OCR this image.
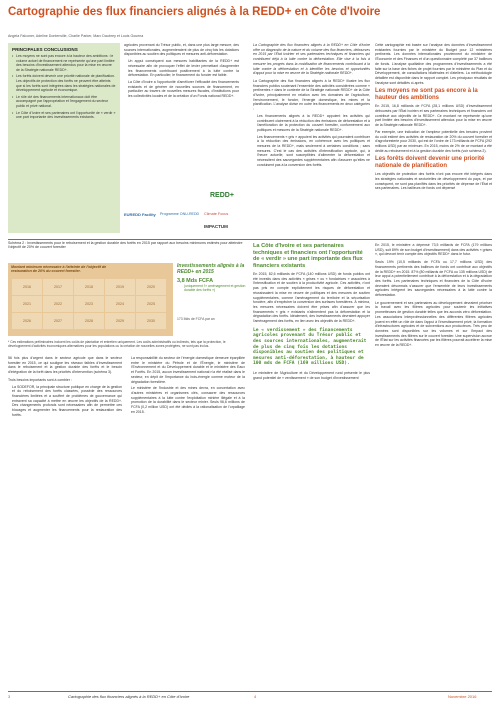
Cartographie des flux financiers alignés à la REDD+ en Côte d'Ivoire
Angela Falconer, Adeline Dontenville, Charlie Parker, Marc Daubrey et Louis Gouena
PRINCIPALES CONCLUSIONS
• Les moyens ne sont pas encore à la hauteur des ambitions : le volume actuel de financement ne représente qu'une part limitée des besoins d'investissement attendus pour la mise en œuvre de la Stratégie nationale REDD+.
• Les forêts doivent devenir une priorité nationale de planification. Les objectifs de protection des forêts ne peuvent être atteints que si les forêts sont intégrées dans les stratégies nationales de développement agricole et économique.
• Le rôle clé des financements internationaux doit être accompagné par l'appropriation et l'engagement du secteur public et privé national.
• Le Côte d'Ivoire et ses partenaires ont l'opportunité de « verdir » une part importante des investissements existants.
agricoles provenant du Trésor public, et, dans une plus large mesure, des sources internationales, augmenteraient de plus de cinq fois les dotations disponibles au soutien des politiques et mesures anti-déforestation.
Un appui conséquent aux mesures habilitantes de la REDD+ est nécessaire afin de provoquer l'effet de levier permettant d'augmenter les financements contribuant positivement à la lutte contre la déforestation. En particulier, le financement du foncier est faible.
La Côte d'Ivoire a l'opportunité d'améliorer l'efficacité des financements existants et de générer de nouvelles sources de financement, en particulier au travers de nouvelles mesures fiscales, d'institutions pour les collectivités locales et de la création d'un Fonds national REDD+.
La Cartographie des flux financiers alignés à la REDD+ en Côte d'Ivoire offre un diagnostic de la nature et du volume des flux financiers, débourses en 2015 par l'État ivoirien et ses partenaires techniques et financiers qui contribuent déjà à la lutte contre la déforestation. Elle vise à la fois à mesurer les progrès dans la mobilisation de financements contribuant à la lutte contre la déforestation et à identifier les besoins et opportunités d'appui pour la mise en œuvre de la Stratégie nationale REDD+.
La Cartographie des flux financiers alignés à la REDD+ illustre les flux financiers publics soutenant l'ensemble des activités considérées comme « pertinentes » dans le contexte de la Stratégie nationale REDD+ de la Côte d'Ivoire, principalement en relation avec les domaines de l'agriculture, l'environnement, le foncier, l'énergie domestique, les mines et la planification. L'analyse divise en outre les financements en deux catégories :
Les financements alignés à la REDD+ appuient les activités qui contribuent clairement à la réduction des émissions de déforestation et à l'amélioration de la protection du couvert forestier, conformément aux politiques et mesures de la Stratégie nationale REDD+.
Les financements « gris » appuient les activités qui pourraient contribuer à la réduction des émissions, en cohérence avec les politiques et mesures de la REDD+, mais seulement à certaines conditions ; sans mesures. C'est le cas des activités d'intensification agricole, qui, à l'heure actuelle, sont susceptibles d'alimenter la déforestation et nécessitent des sauvegardes supplémentaires afin d'assurer qu'elles ne conduisent pas à la conversion des forêts.
Cette cartographie est basée sur l'analyse des données d'investissement existantes fournies par le ministère du Budget pour 12 ministères pertinents. Les données internationales proviennent du ministère de l'Économie et des Finances et d'un questionnaire complété par 37 bailleurs de fonds. L'analyse qualitative des programmes d'investissements a été faite sur la base des fiches de projet fournies par le ministère du Plan et du Développement, de consultations bilatérales et d'ateliers. La méthodologie détaillée est disponible dans le rapport complet. Les principaux résultats de l'analyse sont détaillés ci-après.
Les moyens ne sont pas encore à la hauteur des ambitions
En 2015, 16,8 milliards de FCFA (28,1 millions USD) d'investissement déboursés par l'État ivoirien et ses partenaires techniques et financiers ont contribué aux objectifs de la REDD+. Ce montant ne représente qu'une part limitée des besoins d'investissement attendus pour la mise en œuvre de la Stratégie nationale REDD+.
Par exemple, une indication de l'ampleur potentielle des besoins provient du coût estimé des activités de restauration de 20% du couvert forestier et d'agroforesterie pour 2030, qui est de l'ordre de 173 milliards de FCFA (292 millions USD) par an minimum. En 2015, moins de 2% de ce montant a été dédié au reboisement et à la gestion durable des forêts (voir schéma 2).
Les forêts doivent devenir une priorité nationale de planification
Les objectifs de protection des forêts n'ont pas encore été intégrés dans les stratégies nationales et sectorielles de développement du pays, et par conséquent, ne sont pas planifiés dans les priorités de dépense de l'État et ses partenaires. Les bailleurs de fonds ont dépensé
REDD+
EUREDD Facility Programme ONU-REDD Climate Focus
IMPACTUM
Schéma 2 : Investissements pour le reboisement et la gestion durable des forêts en 2015 par rapport aux besoins minimums estimés pour atteindre l'objectif de 20% de couvert forestier
Montant minimum nécessaire à l'atteinte de l'objectif de restauration de 20% du couvert forestier.
2016	2017	2018	2019	2020
2021	2022	2023	2024	2025
2026	2027	2028	2029	2030
Investissements alignés à la REDD+ en 2015
3,8 Mds FCFA
(uniquement l'« aménagement et gestion durable des forêts »)
173 Mds de FCFA par an
* Ces estimations préliminaires incluent les coûts de plantation et entretien uniquement. Les coûts administratifs ou indirects, tels que la protection, le développement d'activités économiques alternatives pour les populations ou la création de nouvelles zones protégées, ne sont pas inclus.
56 fois plus d'argent dans le secteur agricole que dans le secteur forestier en 2015, ce qui souligne les niveaux faibles d'investissement dans le reboisement et la gestion durable des forêts et le besoin d'intégration de la forêt dans les priorités d'intervention (schéma 3).
Trois besoins importants sont à combler :
La SODEFOR, la principale structure publique en charge de la gestion et du reboisement des forêts classées, possède des ressources financières limitées et a souffert de problèmes de gouvernance qui entravent sa capacité à mettre en œuvre les objectifs de la REDD+. Des changements profonds sont nécessaires afin de permettre ces blocages et augmenter les financements pour la restauration des forêts.
La responsabilité du secteur de l'énergie domestique demeure éparpillée entre le ministère du Pétrole et de l'Énergie, le ministère de l'Environnement et du Développement durable et le ministère des Eaux et Forêts. En 2015, aucun investissement national n'a été réalisé dans le secteur, en dépit de l'importance du bois-énergie comme moteur de la dégradation forestière.
Le ministère de l'Industrie et des mines devra, en concertation avec d'autres ministères et organismes clés, consacrer des ressources supplémentaires à la lutte contre l'exploitation minière illégale et à la promotion de la durabilité dans le secteur minier. Seuls 96,6 millions de FCFA (0,2 million USD) ont été dédiés à la rationalisation de l'orpaillage en 2015.
La Côte d'Ivoire et ses partenaires techniques et financiers ont l'opportunité de « verdir » une part importante des flux financiers existants
En 2015, 82,6 milliards de FCFA (140 millions USD) de fonds publics ont été investis dans des activités « grises » ou « fondatrices » associées à l'intensification et de soutien à la productivité agricole. Ces activités, n'ont pas pris en compte explicitement les risques de déforestation et réussissaient la mise en œuvre de politiques et des mesures de soutien supplémentaires, comme l'aménagement du territoire et la sécurisation foncière, afin d'empêcher la conversion des surfaces forestières. À minima, les mesures nécessaires doivent être prises afin d'assurer que les financements « gris » existants n'alimentent pas la déforestation et la dégradation des forêts. Idéalement, des investissements devraient appuyer l'aménagement des forêts, en lien avec les objectifs de la REDD+.
Le « verdissement » des financements agricoles provenant du Trésor public et des sources internationales, augmenterait de plus de cinq fois les dotations disponibles au soutien des politiques et mesures anti-déforestation, à hauteur de 100 mds de FCFA (169 millions USD).
Le ministère de l'Agriculture et du Développement rural présente le plus grand potentiel de « verdissement » de son budget d'investissement
En 2015, le ministère a dépensé 73,5 milliards de FCFA (179 millions USD), soit 89% de son budget d'investissement) dans des activités « grises », qui devront tenir compte des objectifs REDD+ dans le futur.
Seuls 19% (10,5 milliards de FCFA ou 17,7 millions USD) des financements pertinents des bailleurs de fonds ont contribué aux objectifs de la REDD+ en 2015. 87% (80 milliards de FCFA ou 135 millions USD) de leur appui a potentiellement contribué à la déforestation et à la dégradation des forêts. Les partenaires techniques et financiers de la Côte d'Ivoire devraient désormais s'assurer que l'ensemble de leurs investissements agricoles intègrent les sauvegardes nécessaires à la lutte contre la déforestation.
Le gouvernement et ses partenaires au développement devraient prioriser la travail avec les filières agricoles pour soutenir les initiatives prometteuses de gestion durable telles que les accords zéro déforestation. Les associations interprofessionnelles des différentes filières agricoles jouent en effet un rôle de dans l'appui à l'investissement privé, la formation d'infrastructures agricoles et de subventions aux producteurs. Très peu de données sont disponibles sur les volumes et sur l'impact des investissements des filières sur le couvert forestier. Une supervision accrue de l'État sur les activités financées par les filières pourrait accélérer la mise en œuvre de la REDD+.
3	Cartographie des flux financiers alignés à la REDD+ en Côte d'Ivoire	4	Novembre 2016
